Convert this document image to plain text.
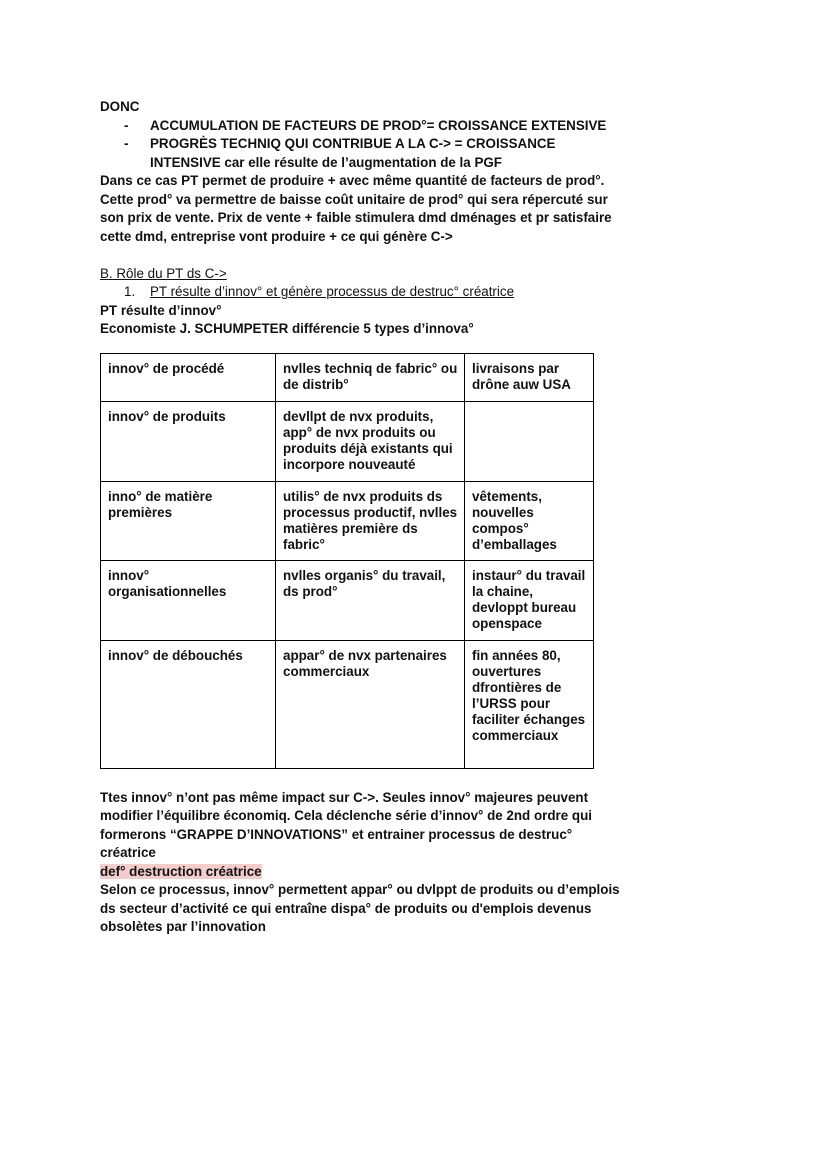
DONC

- ACCUMULATION DE FACTEURS DE PROD°= CROISSANCE EXTENSIVE
- PROGRÈS TECHNIQ QUI CONTRIBUE A LA C-> = CROISSANCE INTENSIVE car elle résulte de l’augmentation de la PGF

Dans ce cas PT permet de produire + avec même quantité de facteurs de prod°.

Cette prod° va permettre de baisse coût unitaire de prod° qui sera répercuté sur son prix de vente. Prix de vente + faible stimulera dmd dménages et pr satisfaire cette dmd, entreprise vont produire + ce qui génère C->

B. Rôle du PT ds C->

1. PT résulte d’innov° et génère processus de destruc° créatrice

PT résulte d’innov°

Economiste J. SCHUMPETER différencie 5 types d’innova°

innov° de procédé	nvlles techniq de fabric° ou de distrib°	livraisons par drône auw USA
innov° de produits	devllpt de nvx produits, app° de nvx produits ou produits déjà existants qui incorpore nouveauté	
inno° de matière premières	utilis° de nvx produits ds processus productif, nvlles matières première ds fabric°	vêtements, nouvelles compos° d’emballages
innov° organisationnelles	nvlles organis° du travail, ds prod°	instaur° du travail la chaine, devloppt bureau openspace
innov° de débouchés	appar° de nvx partenaires commerciaux	fin années 80, ouvertures dfrontières de l’URSS pour faciliter échanges commerciaux

Ttes innov° n’ont pas même impact sur C->. Seules innov° majeures peuvent modifier l’équilibre économiq. Cela déclenche série d’innov° de 2nd ordre qui formerons “GRAPPE D’INNOVATIONS” et entrainer processus de destruc° créatrice

def° destruction créatrice

Selon ce processus, innov° permettent appar° ou dvlppt de produits ou d’emplois ds secteur d’activité ce qui entraîne dispa° de produits ou d'emplois devenus obsolètes par l’innovation
